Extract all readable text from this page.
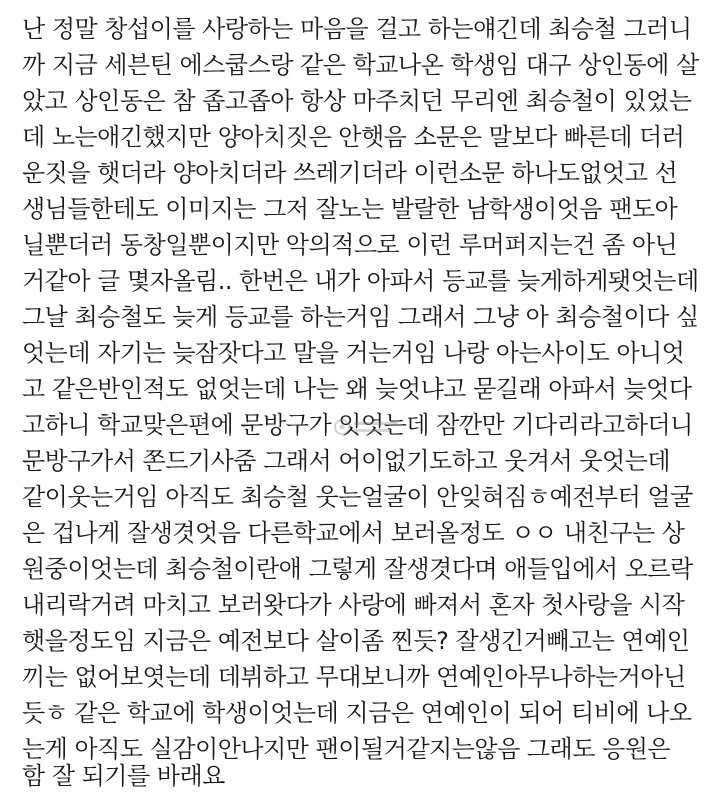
난 정말 창섭이를 사랑하는 마음을 걸고 하는얘긴데 최승철 그러니
까 지금 세븐틴 에스쿱스랑 같은 학교나온 학생임 대구 상인동에 살
았고 상인동은 참 좁고좁아 항상 마주치던 무리엔 최승철이 있었는
데 노는애긴했지만 양아치짓은 안햇음 소문은 말보다 빠른데 더러
운짓을 햇더라 양아치더라 쓰레기더라 이런소문 하나도없엇고 선
생님들한테도 이미지는 그저 잘노는 발랄한 남학생이엇음 팬도아
닐뿐더러 동창일뿐이지만 악의적으로 이런 루머퍼지는건 좀 아닌
거같아 글 몇자올림.. 한번은 내가 아파서 등교를 늦게하게됏엇는데
그날 최승철도 늦게 등교를 하는거임 그래서 그냥 아 최승철이다 싶
엇는데 자기는 늦잠잣다고 말을 거는거임 나랑 아는사이도 아니엇
고 같은반인적도 없엇는데 나는 왜 늦엇냐고 묻길래 아파서 늦엇다
고하니 학교맞은편에 문방구가 잇엇는데 잠깐만 기다리라고하더니
문방구가서 쫀드기사줌 그래서 어이없기도하고 웃겨서 웃엇는데
같이웃는거임 아직도 최승철 웃는얼굴이 안잊혀짐ㅎ예전부터 얼굴
은 겁나게 잘생겻엇음 다른학교에서 보러올정도 ㅇㅇ 내친구는 상
원중이엇는데 최승철이란애 그렇게 잘생겻다며 애들입에서 오르락
내리락거려 마치고 보러왓다가 사랑에 빠져서 혼자 첫사랑을 시작
햇을정도임 지금은 예전보다 살이좀 찐듯? 잘생긴거빼고는 연예인
끼는 없어보엿는데 데뷔하고 무대보니까 연예인아무나하는거아닌
듯ㅎ 같은 학교에 학생이엇는데 지금은 연예인이 되어 티비에 나오
는게 아직도 실감이안나지만 팬이될거같지는않음 그래도 응원은
함 잘 되기를 바래요
